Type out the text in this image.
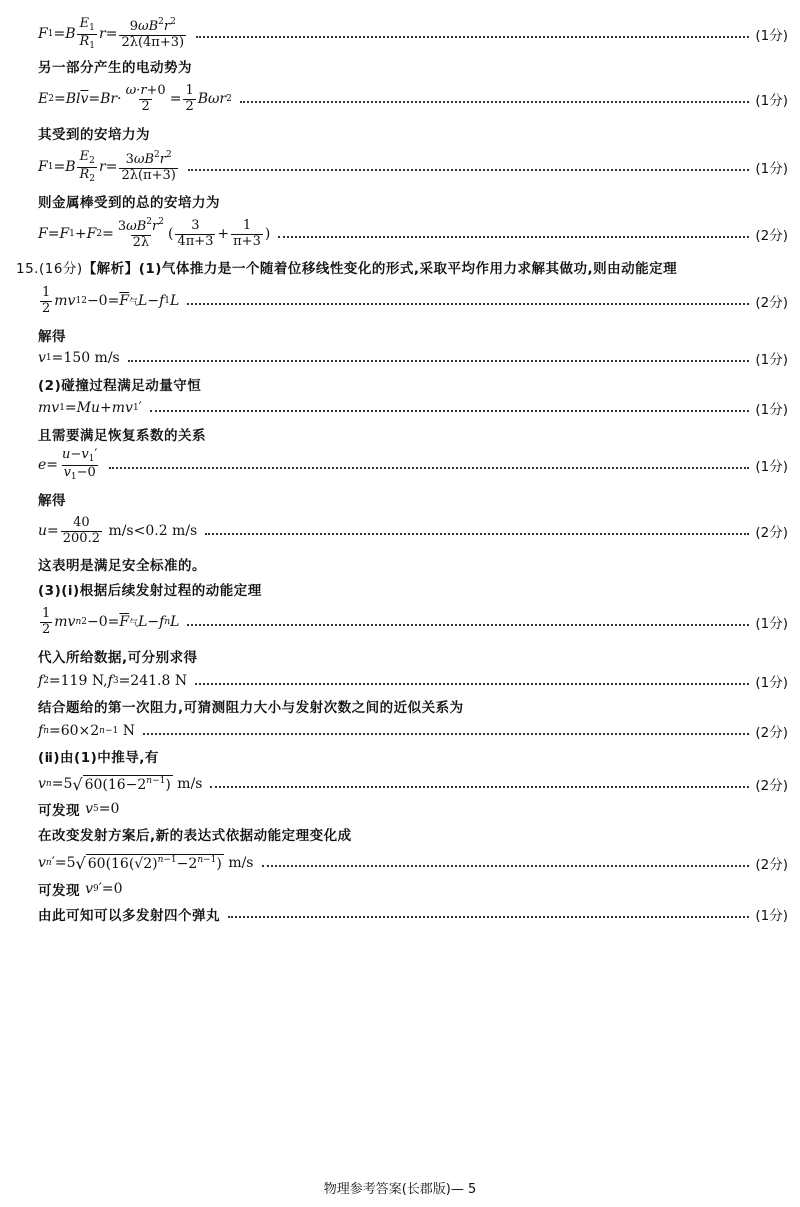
F 1 = B $\frac{E_1}{R_1}$ $r = \frac{9\omega B^2r^2}{2\lambda(4\pi+3)}$	(1分)
另一部分产生的电动势为
E 2 = Bl $\overline{v} = Br \cdot \frac{\omega\cdot r+0}{2} = \frac{1}{2}$ Bωr 2	(1分)
其受到的安培力为
F 1 = B $\frac{E_2}{R_2}$ $r = \frac{3\omega B^2r^2}{2\lambda(\pi+3)}$	(1分)
则金属棒受到的总的安培力为
F = F 1 + F $2 = \frac{3\omega B^2r^2}{2\lambda}$ ( $\frac{3}{4\pi+3} + \frac{1}{\pi+3}$ )	(2分)
15.(16分) 【解析】 (1)气体推力是一个随着位移线性变化的形式,采取平均作用力求解其做功,则由动能定理
$\frac{1}{2}$ mv 1 $2 -0= \overline{F}$ 气 L − f 1 L	(2分)
解得
v 1 =150 m/s	(1分)
(2)碰撞过程满足动量守恒
mv 1 = Mu + mv 1 ′	(1分)
且需要满足恢复系数的关系
$e = \frac{u-v_1'}{v_1-0}$	(1分)
解得
$u = \frac{40}{200.2}$
m/s<0.2 m/s	(2分)
这表明是满足安全标准的。
(3)(ⅰ)根据后续发射过程的动能定理
$\frac{1}{2}$ mv n $2 -0= \overline{F}$ 气 L − f n L	(1分)
代入所给数据,可分别求得
f 2 =119 N, f 3 =241.8 N	(1分)
结合题给的第一次阻力,可猜测阻力大小与发射次数之间的近似关系为
f n =60×2 n−1
N	(2分)
(ⅱ)由(1)中推导,有
v n =5 √ $60(16-2^{n-1})$
m/s	(2分)
可发现
v 5 =0
在改变发射方案后,新的表达式依据动能定理变化成
v n ′=5 √ $60(16(√2)^{n-1}-2^{n-1})$
m/s	(2分)
可发现
v 9 ′=0
由此可知可以多发射四个弹丸	(1分)
物理参考答案(长郡版)— 5
